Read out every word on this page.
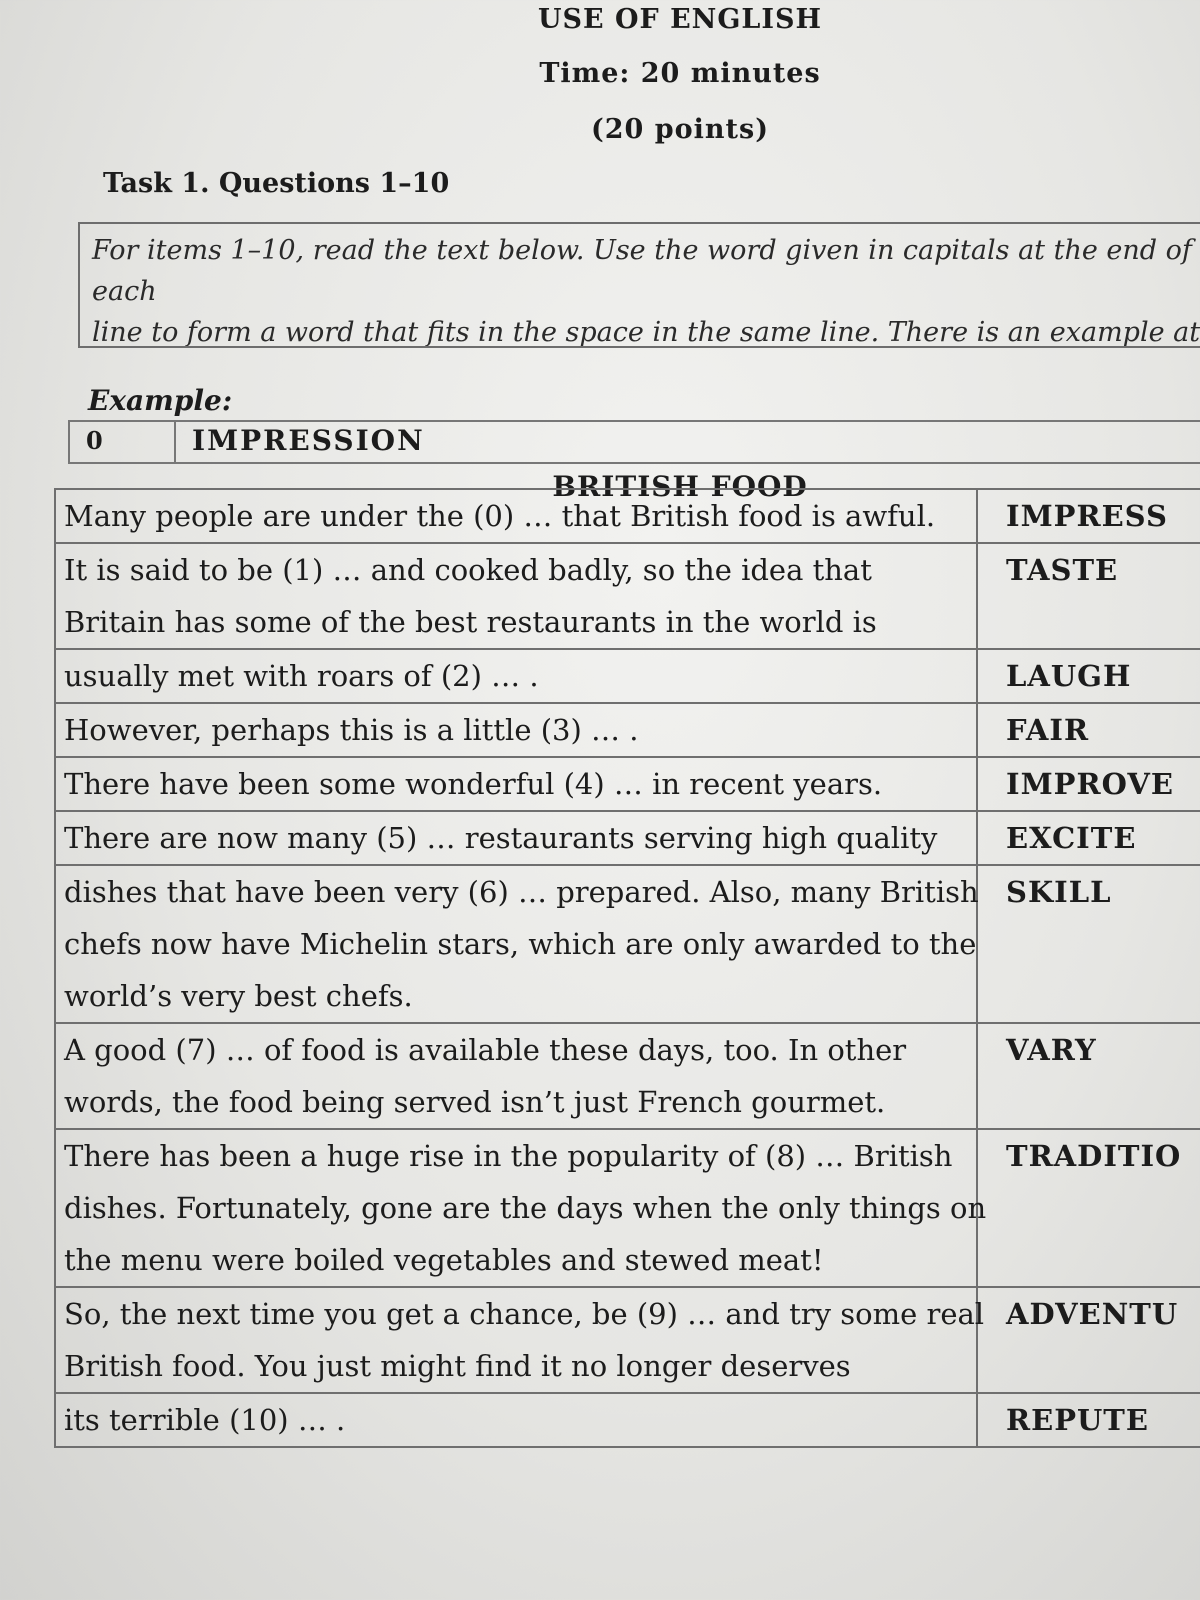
USE OF ENGLISH
Time: 20 minutes
(20 points)
Task 1. Questions 1–10
For items 1–10, read the text below. Use the word given in capitals at the end of each
line to form a word that fits in the space in the same line. There is an example at

Example:
0	IMPRESSION
BRITISH FOOD
Many people are under the (0) … that British food is awful.	IMPRESS

It is said to be (1) … and cooked badly, so the idea that
Britain has some of the best restaurants in the world is	TASTE

usually met with roars of (2) … .	LAUGH

However, perhaps this is a little (3) … .	FAIR

There have been some wonderful (4) … in recent years.	IMPROVE

There are now many (5) … restaurants serving high quality	EXCITE

dishes that have been very (6) … prepared. Also, many British
chefs now have Michelin stars, which are only awarded to the
world’s very best chefs.	SKILL

A good (7) … of food is available these days, too. In other
words, the food being served isn’t just French gourmet.	VARY

There has been a huge rise in the popularity of (8) … British
dishes. Fortunately, gone are the days when the only things on
the menu were boiled vegetables and stewed meat!	TRADITIO

So, the next time you get a chance, be (9) … and try some real
British food. You just might find it no longer deserves	ADVENTU

its terrible (10) … .	REPUTE
